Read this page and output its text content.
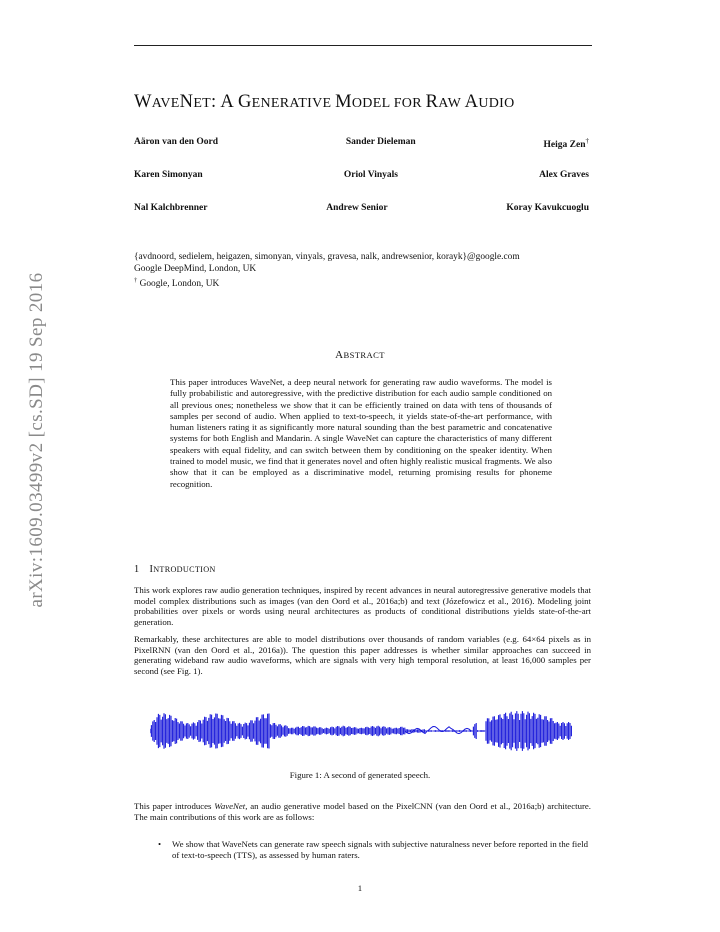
arXiv:1609.03499v2 [cs.SD] 19 Sep 2016
WAVENET: A GENERATIVE MODEL FOR RAW AUDIO
Aäron van den Oord	Sander Dieleman	Heiga Zen†
Karen Simonyan	Oriol Vinyals	Alex Graves
Nal Kalchbrenner	Andrew Senior	Koray Kavukcuoglu
{avdnoord, sedielem, heigazen, simonyan, vinyals, gravesa, nalk, andrewsenior, korayk}@google.com
Google DeepMind, London, UK
† Google, London, UK
ABSTRACT
This paper introduces WaveNet, a deep neural network for generating raw audio waveforms. The model is fully probabilistic and autoregressive, with the predictive distribution for each audio sample conditioned on all previous ones; nonetheless we show that it can be efficiently trained on data with tens of thousands of samples per second of audio. When applied to text-to-speech, it yields state-of-the-art performance, with human listeners rating it as significantly more natural sounding than the best parametric and concatenative systems for both English and Mandarin. A single WaveNet can capture the characteristics of many different speakers with equal fidelity, and can switch between them by conditioning on the speaker identity. When trained to model music, we find that it generates novel and often highly realistic musical fragments. We also show that it can be employed as a discriminative model, returning promising results for phoneme recognition.
1 INTRODUCTION

This work explores raw audio generation techniques, inspired by recent advances in neural autoregressive generative models that model complex distributions such as images (van den Oord et al., 2016a;b) and text (Józefowicz et al., 2016). Modeling joint probabilities over pixels or words using neural architectures as products of conditional distributions yields state-of-the-art generation.

Remarkably, these architectures are able to model distributions over thousands of random variables (e.g. 64×64 pixels as in PixelRNN (van den Oord et al., 2016a)). The question this paper addresses is whether similar approaches can succeed in generating wideband raw audio waveforms, which are signals with very high temporal resolution, at least 16,000 samples per second (see Fig. 1).

Figure 1: A second of generated speech.

This paper introduces WaveNet, an audio generative model based on the PixelCNN (van den Oord et al., 2016a;b) architecture. The main contributions of this work are as follows:

• We show that WaveNets can generate raw speech signals with subjective naturalness never before reported in the field of text-to-speech (TTS), as assessed by human raters.
1
